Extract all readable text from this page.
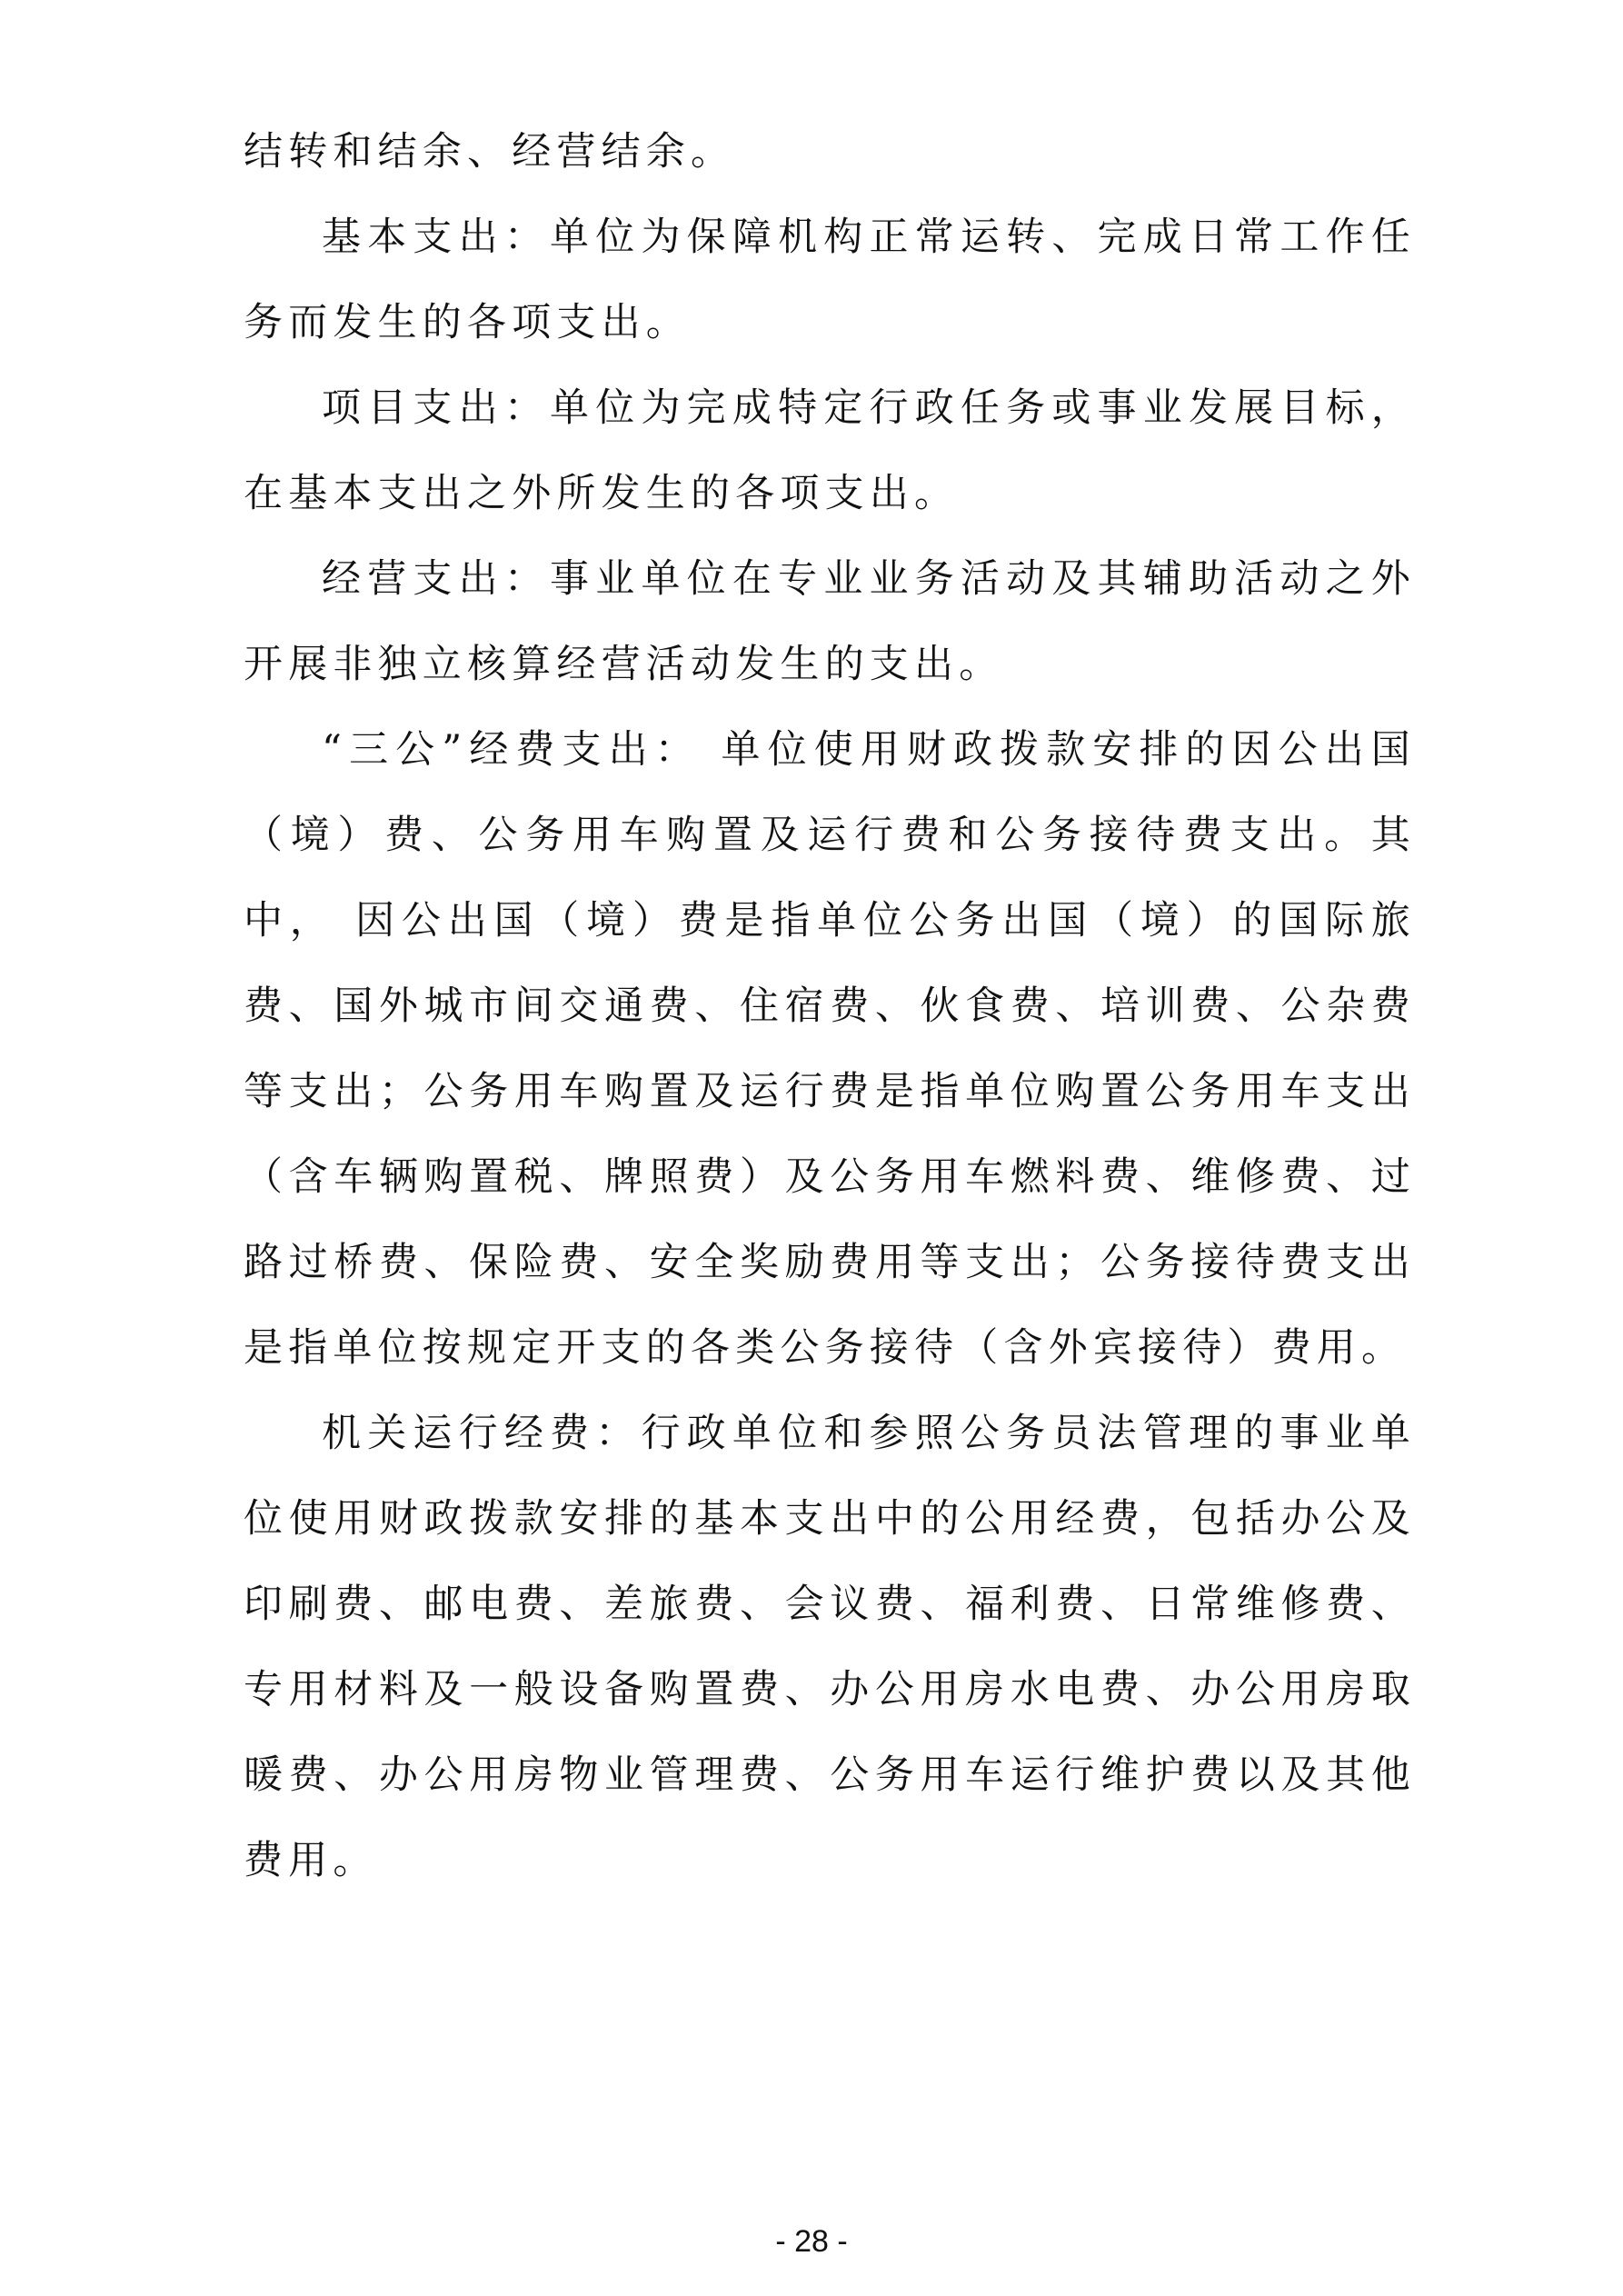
结转和结余、经营结余。

基本支出：单位为保障机构正常运转、完成日常工作任务而发生的各项支出。

项目支出：单位为完成特定行政任务或事业发展目标，在基本支出之外所发生的各项支出。

经营支出：事业单位在专业业务活动及其辅助活动之外开展非独立核算经营活动发生的支出。

“三公”经费支出： 单位使用财政拨款安排的因公出国（境）费、公务用车购置及运行费和公务接待费支出。其中， 因公出国（境）费是指单位公务出国（境）的国际旅费、国外城市间交通费、住宿费、伙食费、培训费、公杂费等支出；公务用车购置及运行费是指单位购置公务用车支出（含车辆购置税、牌照费）及公务用车燃料费、维修费、过路过桥费、保险费、安全奖励费用等支出；公务接待费支出是指单位按规定开支的各类公务接待（含外宾接待）费用。

机关运行经费：行政单位和参照公务员法管理的事业单位使用财政拨款安排的基本支出中的公用经费，包括办公及印刷费、邮电费、差旅费、会议费、福利费、日常维修费、专用材料及一般设备购置费、办公用房水电费、办公用房取暖费、办公用房物业管理费、公务用车运行维护费以及其他费用。

- 28 -
